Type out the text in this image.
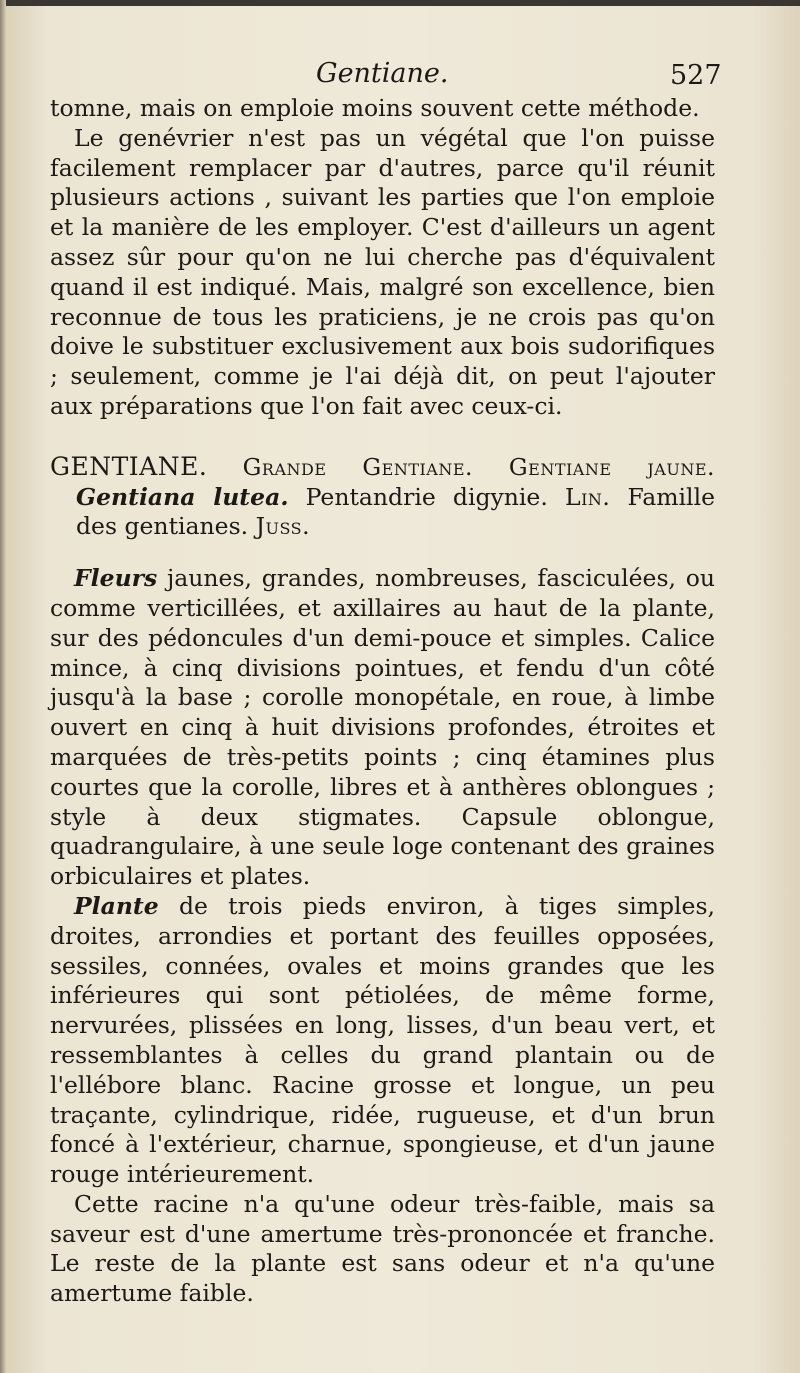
Gentiane.	527

tomne, mais on emploie moins souvent cette méthode.

Le genévrier n'est pas un végétal que l'on puisse facilement remplacer par d'autres, parce qu'il réunit plusieurs actions , suivant les parties que l'on emploie et la manière de les employer. C'est d'ailleurs un agent assez sûr pour qu'on ne lui cherche pas d'équivalent quand il est indiqué. Mais, malgré son excellence, bien reconnue de tous les praticiens, je ne crois pas qu'on doive le substituer exclusivement aux bois sudorifiques ; seulement, comme je l'ai déjà dit, on peut l'ajouter aux préparations que l'on fait avec ceux-ci.

GENTIANE. Grande Gentiane. Gentiane jaune. Gentiana lutea. Pentandrie digynie. Lin. Famille des gentianes. Juss.

Fleurs jaunes, grandes, nombreuses, fasciculées, ou comme verticillées, et axillaires au haut de la plante, sur des pédoncules d'un demi-pouce et simples. Calice mince, à cinq divisions pointues, et fendu d'un côté jusqu'à la base ; corolle monopétale, en roue, à limbe ouvert en cinq à huit divisions profondes, étroites et marquées de très-petits points ; cinq étamines plus courtes que la corolle, libres et à anthères oblongues ; style à deux stigmates. Capsule oblongue, quadrangulaire, à une seule loge contenant des graines orbiculaires et plates.

Plante de trois pieds environ, à tiges simples, droites, arrondies et portant des feuilles opposées, sessiles, connées, ovales et moins grandes que les inférieures qui sont pétiolées, de même forme, nervurées, plissées en long, lisses, d'un beau vert, et ressemblantes à celles du grand plantain ou de l'ellébore blanc. Racine grosse et longue, un peu traçante, cylindrique, ridée, rugueuse, et d'un brun foncé à l'extérieur, charnue, spongieuse, et d'un jaune rouge intérieurement.

Cette racine n'a qu'une odeur très-faible, mais sa saveur est d'une amertume très-prononcée et franche. Le reste de la plante est sans odeur et n'a qu'une amertume faible.
